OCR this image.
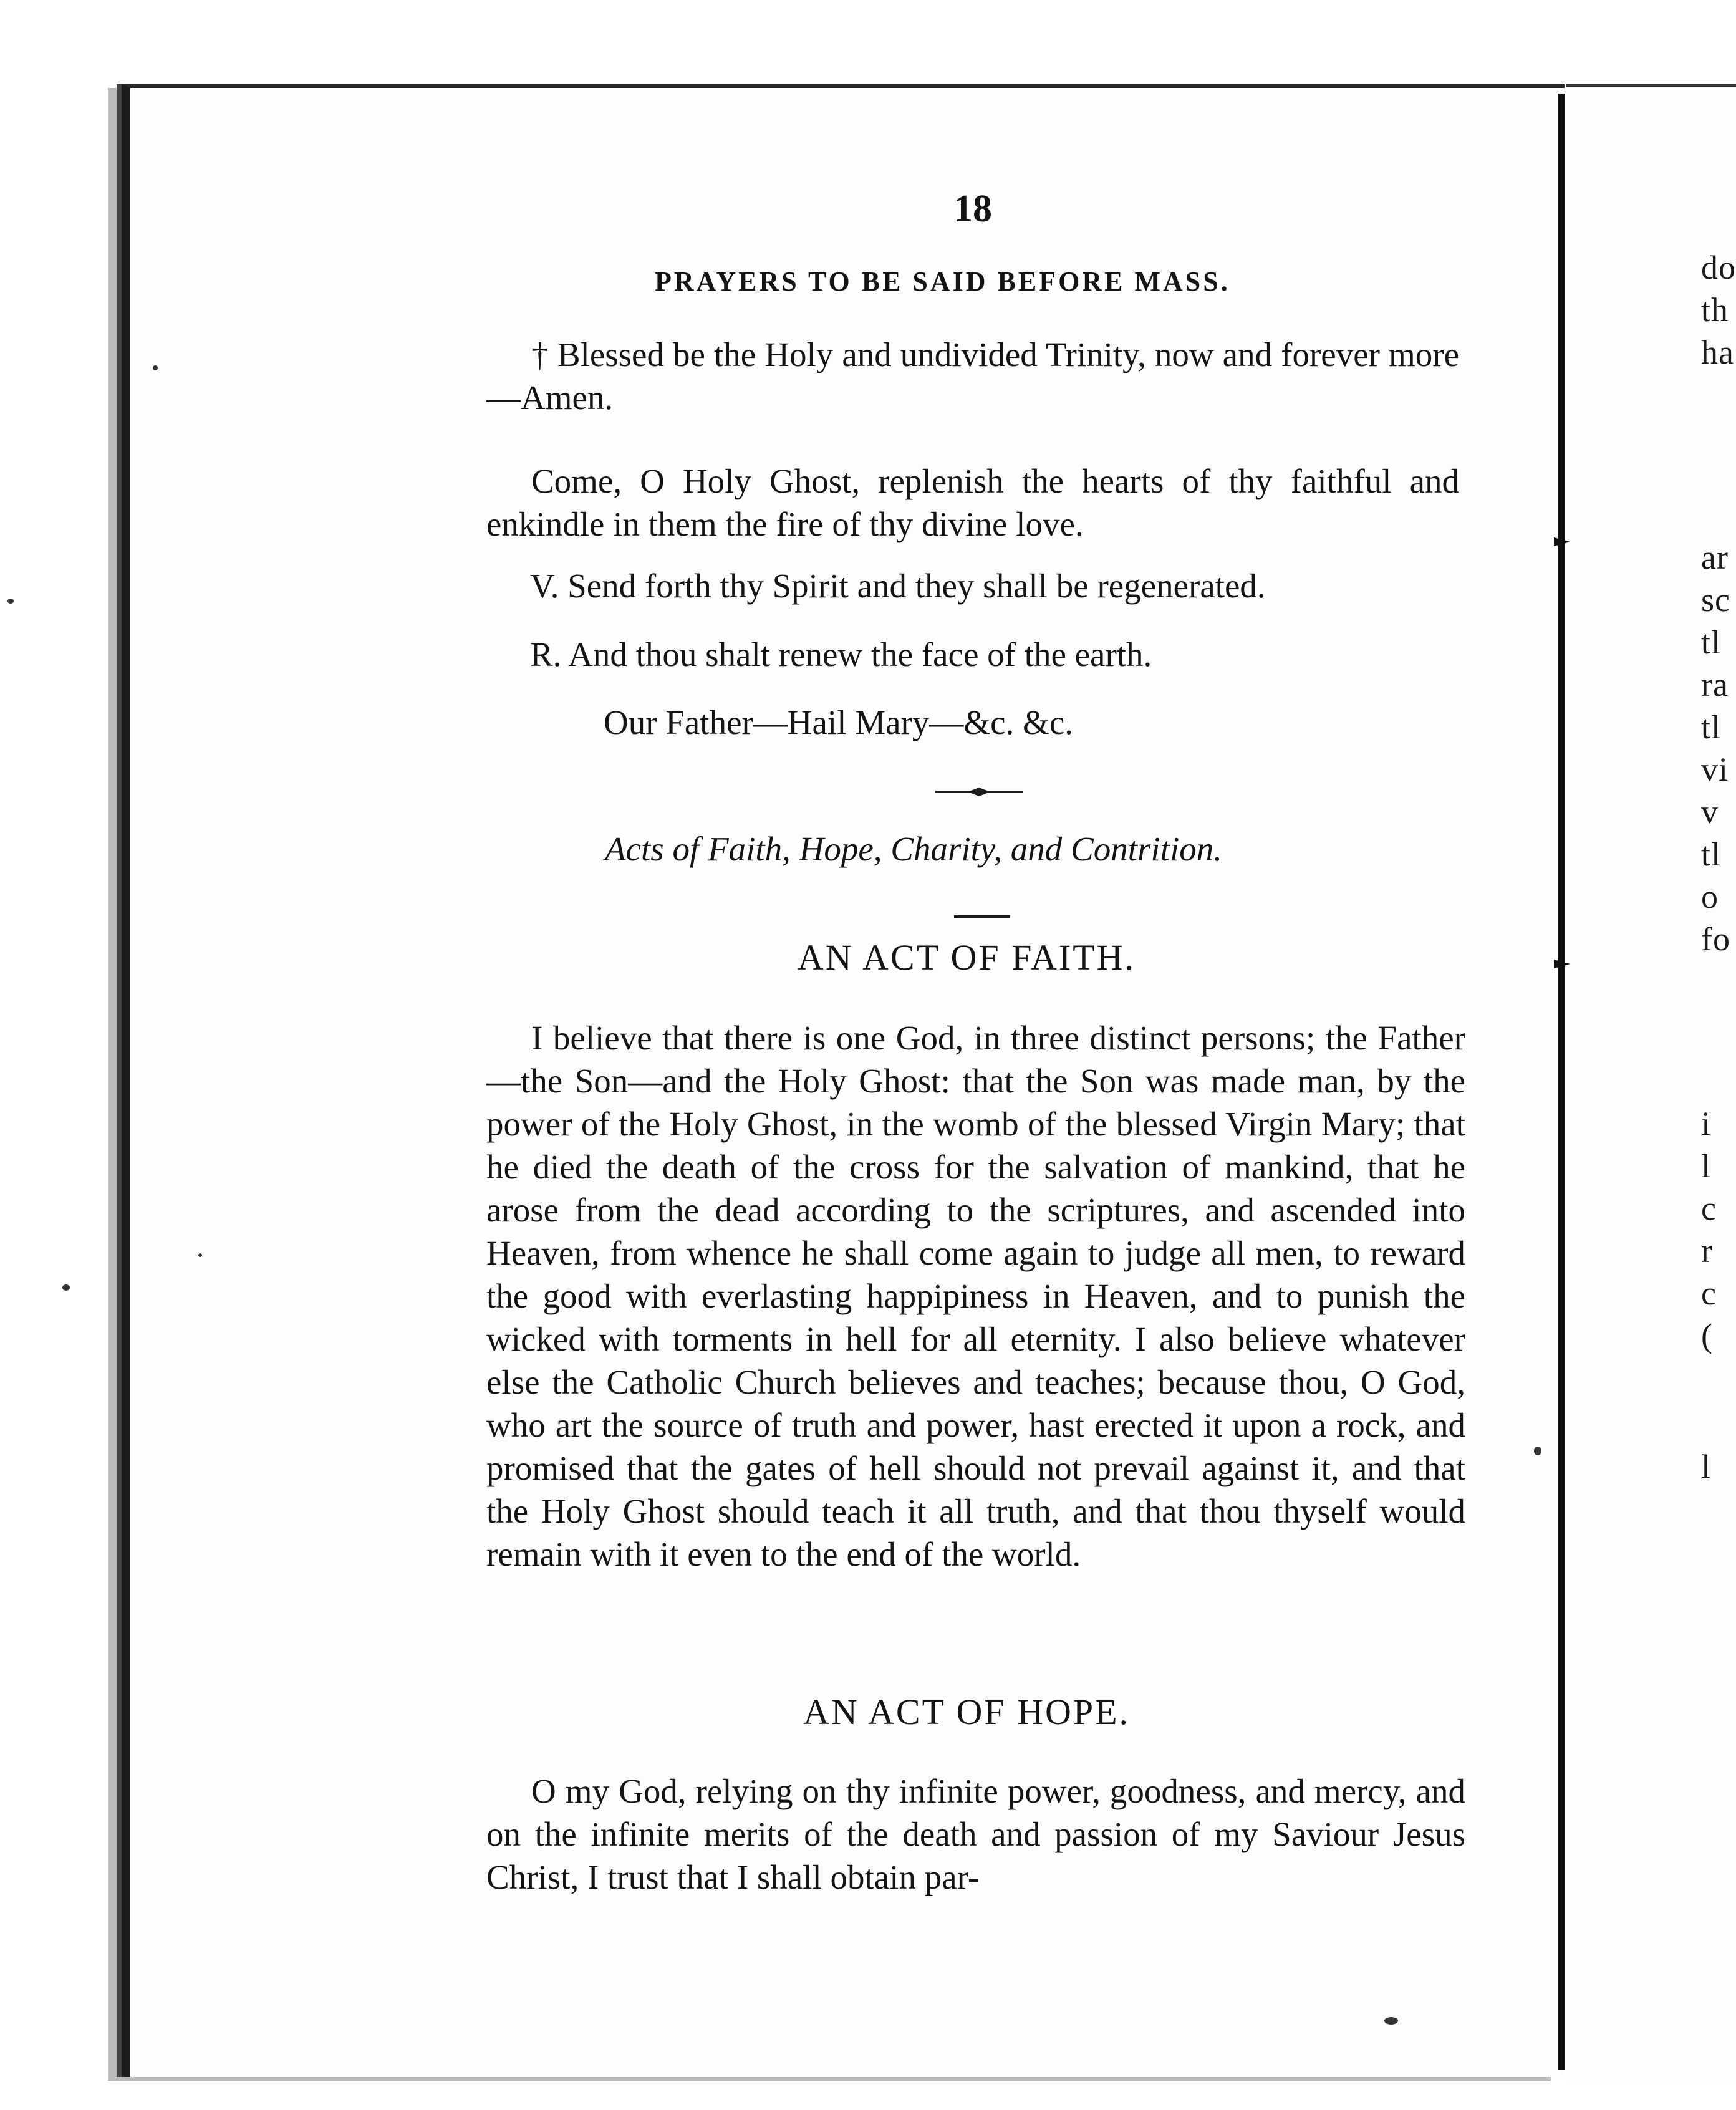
18
PRAYERS TO BE SAID BEFORE MASS.

† Blessed be the Holy and undivided Trinity, now and forever more—Amen.

Come, O Holy Ghost, replenish the hearts of thy faithful and enkindle in them the fire of thy divine love.

V. Send forth thy Spirit and they shall be regenerated.
R. And thou shalt renew the face of the earth.
Our Father—Hail Mary—&c. &c.
Acts of Faith, Hope, Charity, and Contrition.
AN ACT OF FAITH.

I believe that there is one God, in three distinct persons; the Father—the Son—and the Holy Ghost: that the Son was made man, by the power of the Holy Ghost, in the womb of the blessed Virgin Mary; that he died the death of the cross for the salvation of mankind, that he arose from the dead according to the scriptures, and ascended into Heaven, from whence he shall come again to judge all men, to reward the good with everlasting happipiness in Heaven, and to punish the wicked with torments in hell for all eternity. I also believe whatever else the Catholic Church believes and teaches; because thou, O God, who art the source of truth and power, hast erected it upon a rock, and promised that the gates of hell should not prevail against it, and that the Holy Ghost should teach it all truth, and that thou thyself would remain with it even to the end of the world.

AN ACT OF HOPE.

O my God, relying on thy infinite power, goodness, and mercy, and on the infinite merits of the death and passion of my Saviour Jesus Christ, I trust that I shall obtain par-

do
th
ha
ar
sc
tl
ra
tl
vi
v
tl
o
fo
i
l
c
r
c
(
l
